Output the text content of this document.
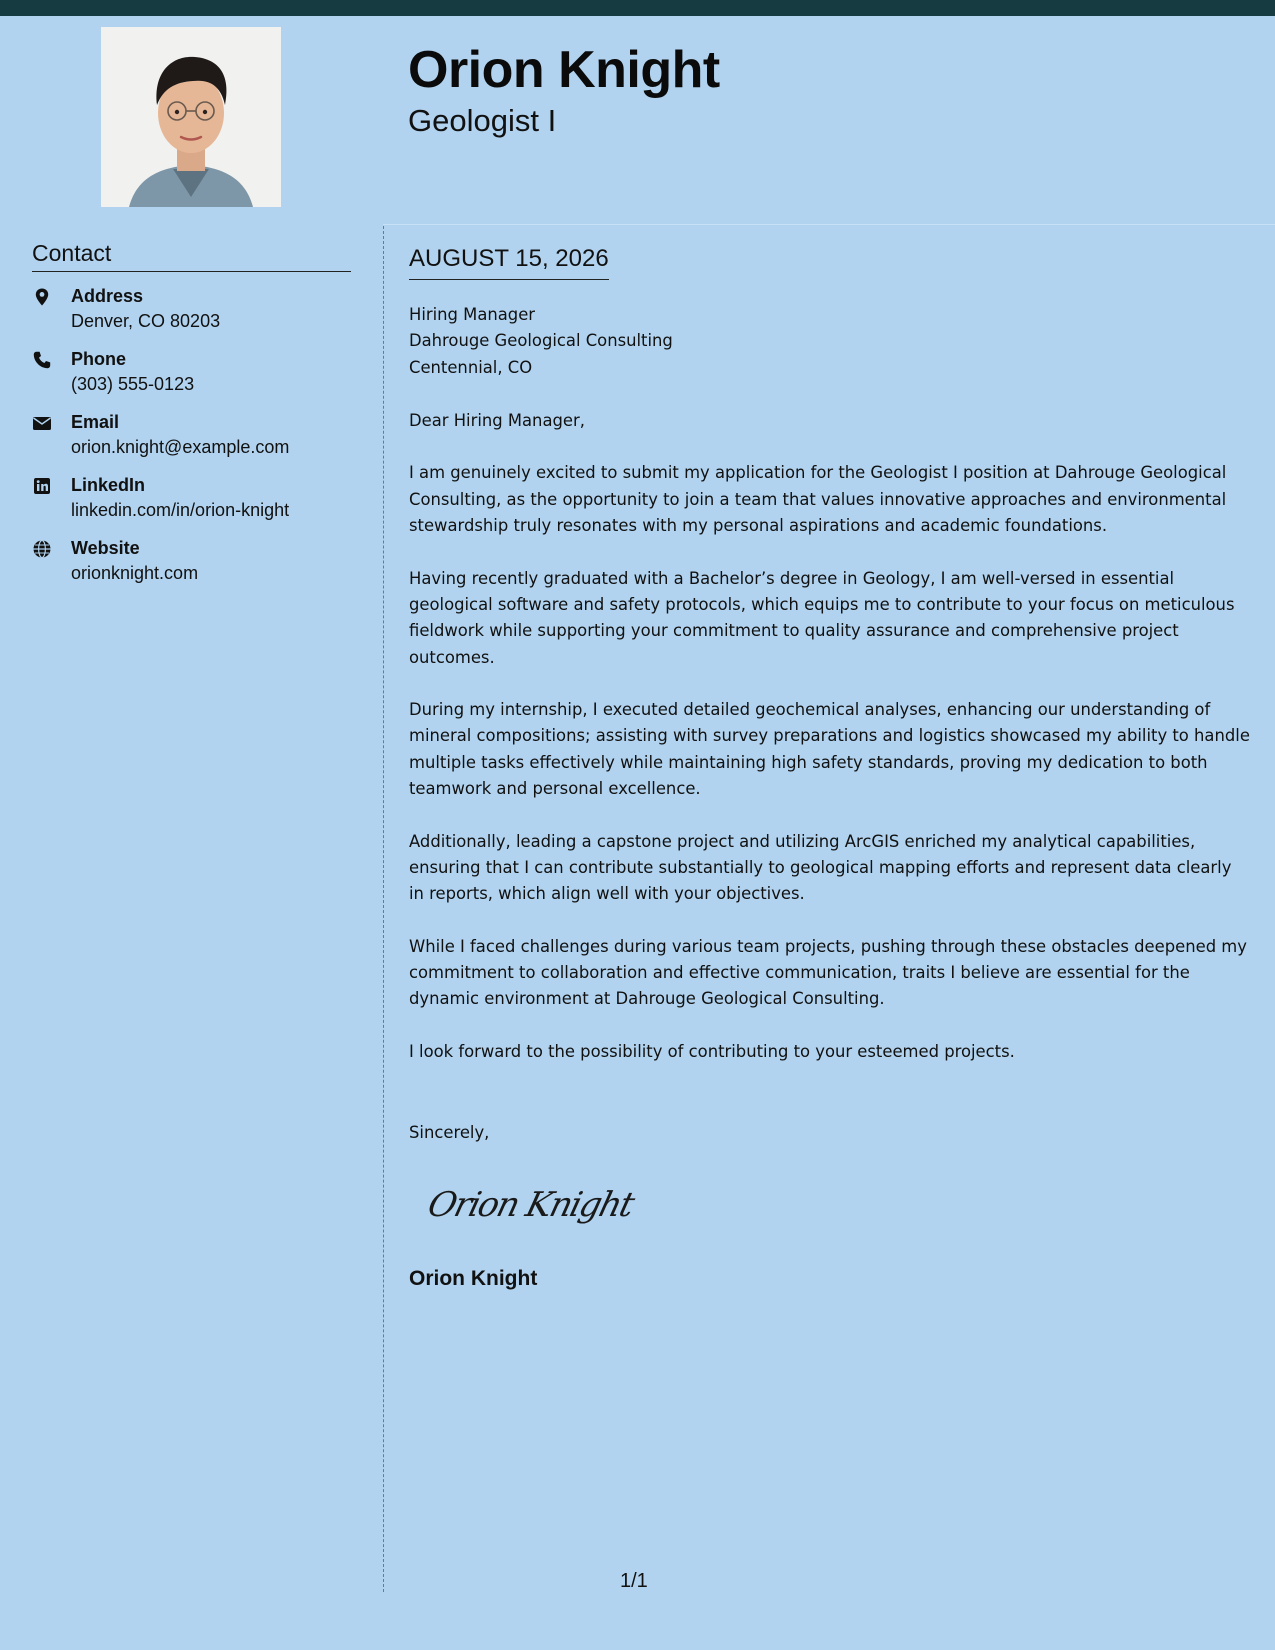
Orion Knight
Geologist I
Contact
Address
Denver, CO 80203
Phone
(303) 555-0123
Email
orion.knight@example.com
LinkedIn
linkedin.com/in/orion-knight
Website
orionknight.com
AUGUST 15, 2026
Hiring Manager
Dahrouge Geological Consulting
Centennial, CO

Dear Hiring Manager,

I am genuinely excited to submit my application for the Geologist I position at Dahrouge Geological Consulting, as the opportunity to join a team that values innovative approaches and environmental stewardship truly resonates with my personal aspirations and academic foundations.

Having recently graduated with a Bachelor’s degree in Geology, I am well-versed in essential geological software and safety protocols, which equips me to contribute to your focus on meticulous fieldwork while supporting your commitment to quality assurance and comprehensive project outcomes.

During my internship, I executed detailed geochemical analyses, enhancing our understanding of mineral compositions; assisting with survey preparations and logistics showcased my ability to handle multiple tasks effectively while maintaining high safety standards, proving my dedication to both teamwork and personal excellence.

Additionally, leading a capstone project and utilizing ArcGIS enriched my analytical capabilities, ensuring that I can contribute substantially to geological mapping efforts and represent data clearly in reports, which align well with your objectives.

While I faced challenges during various team projects, pushing through these obstacles deepened my commitment to collaboration and effective communication, traits I believe are essential for the dynamic environment at Dahrouge Geological Consulting.

I look forward to the possibility of contributing to your esteemed projects.

Sincerely,
Orion Knight
Orion Knight
1/1
